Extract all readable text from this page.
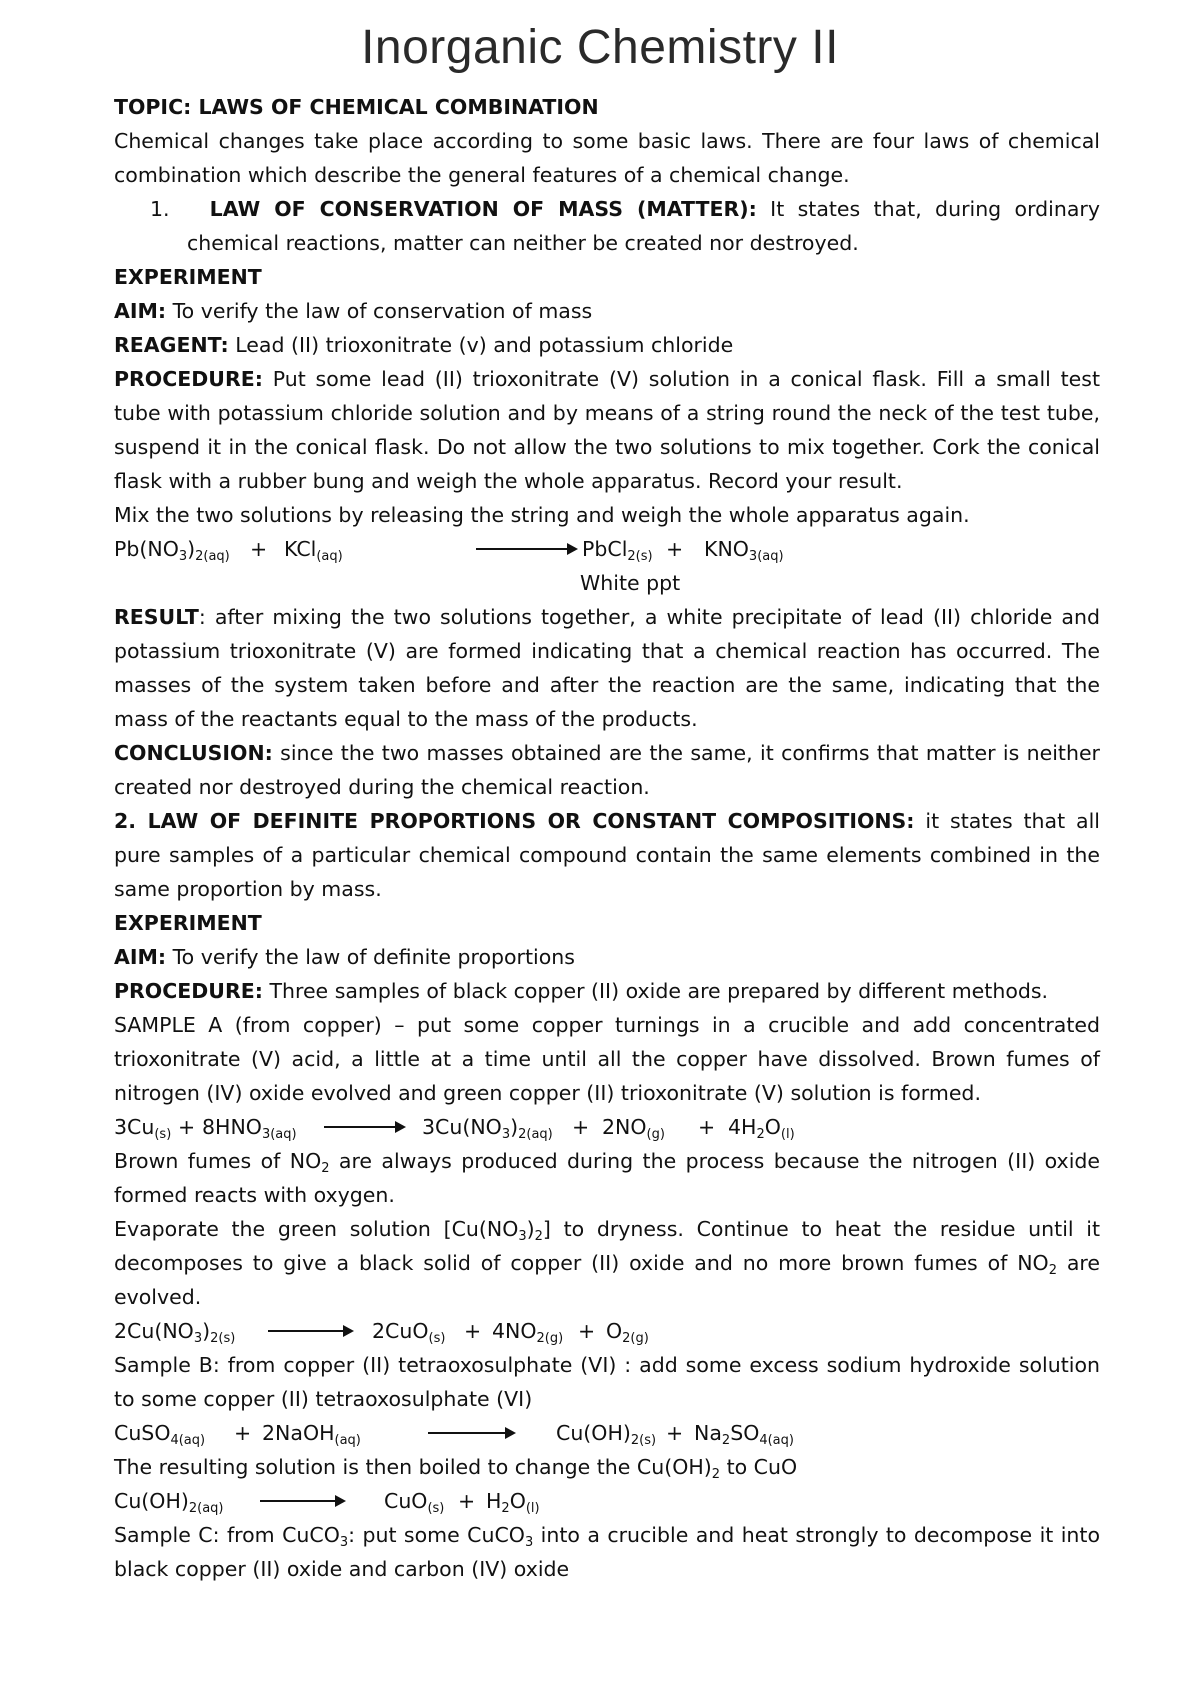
Inorganic Chemistry II

TOPIC: LAWS OF CHEMICAL COMBINATION

Chemical changes take place according to some basic laws. There are four laws of chemical combination which describe the general features of a chemical change.

1. LAW OF CONSERVATION OF MASS (MATTER): It states that, during ordinary chemical reactions, matter can neither be created nor destroyed.

EXPERIMENT

AIM: To verify the law of conservation of mass

REAGENT: Lead (II) trioxonitrate (v) and potassium chloride

PROCEDURE: Put some lead (II) trioxonitrate (V) solution in a conical flask. Fill a small test tube with potassium chloride solution and by means of a string round the neck of the test tube, suspend it in the conical flask. Do not allow the two solutions to mix together. Cork the conical flask with a rubber bung and weigh the whole apparatus. Record your result.

Mix the two solutions by releasing the string and weigh the whole apparatus again.

$Pb(NO_3)_{2(aq)} + KCl_{(aq)}$	PbCl$_{2(s)}$ + $KNO_{3(aq)}$
White ppt

RESULT: after mixing the two solutions together, a white precipitate of lead (II) chloride and potassium trioxonitrate (V) are formed indicating that a chemical reaction has occurred. The masses of the system taken before and after the reaction are the same, indicating that the mass of the reactants equal to the mass of the products.

CONCLUSION: since the two masses obtained are the same, it confirms that matter is neither created nor destroyed during the chemical reaction.

2. LAW OF DEFINITE PROPORTIONS OR CONSTANT COMPOSITIONS: it states that all pure samples of a particular chemical compound contain the same elements combined in the same proportion by mass.

EXPERIMENT

AIM: To verify the law of definite proportions

PROCEDURE: Three samples of black copper (II) oxide are prepared by different methods.

SAMPLE A (from copper) – put some copper turnings in a crucible and add concentrated trioxonitrate (V) acid, a little at a time until all the copper have dissolved. Brown fumes of nitrogen (IV) oxide evolved and green copper (II) trioxonitrate (V) solution is formed.

$3Cu_{(s)} + 8HNO_{3(aq)}$	$3Cu(NO_3)_{2(aq)} + 2NO_{(g)} + 4H_2O_{(l)}$

Brown fumes of $NO_2$ are always produced during the process because the nitrogen (II) oxide formed reacts with oxygen.

Evaporate the green solution $[Cu(NO_3)_2]$ to dryness. Continue to heat the residue until it decomposes to give a black solid of copper (II) oxide and no more brown fumes of $NO_2$ are evolved.

$2Cu(NO_3)_{2(s)}$	$2CuO_{(s)} + 4NO_{2(g)} + O_{2(g)}$

Sample B: from copper (II) tetraoxosulphate (VI) : add some excess sodium hydroxide solution to some copper (II) tetraoxosulphate (VI)

CuSO$_{4(aq)}$ + 2NaOH$_{(aq)}$	$Cu(OH)_{2(s)} + Na_2SO_{4(aq)}$

The resulting solution is then boiled to change the $Cu(OH)_2$ to CuO

$Cu(OH)_{2(aq)}$	$CuO_{(s)} + H_2O_{(l)}$

Sample C: from CuCO$_3$: put some CuCO$_3$ into a crucible and heat strongly to decompose it into black copper (II) oxide and carbon (IV) oxide
